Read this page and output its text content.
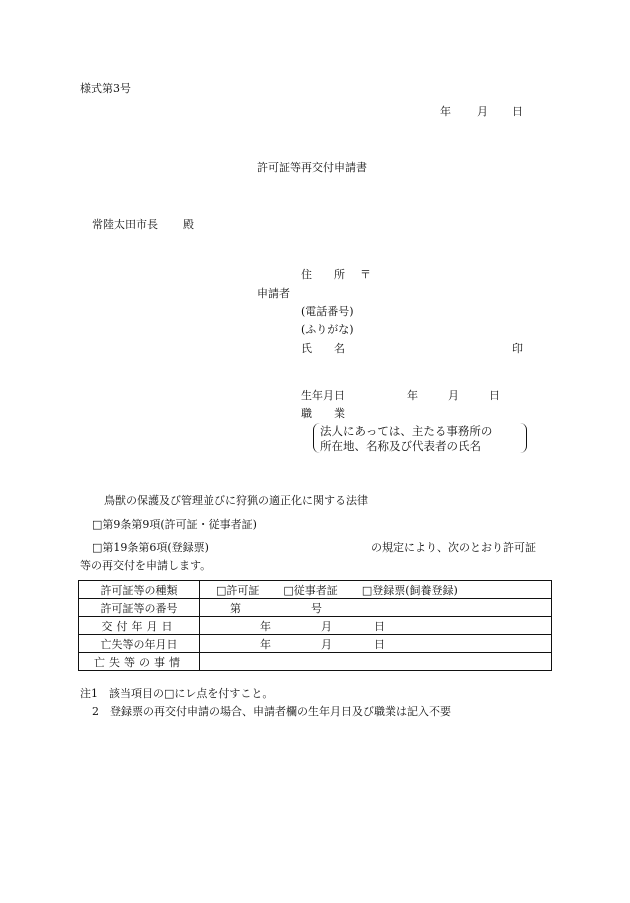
様式第3号
年 月 日
許可証等再交付申請書
常陸太田市長 殿
住　　所 〒
申請者
(電話番号)
(ふりがな)
氏　　名	印
生年月日	年	月	日
職　　業
法人にあっては、主たる事務所の
所在地、名称及び代表者の氏名
鳥獣の保護及び管理並びに狩猟の適正化に関する法律
□第9条第9項(許可証・従事者証)
□第19条第6項(登録票)	の規定により、次のとおり許可証
等の再交付を申請します。
許可証等の種類	□許可証 □従事者証 □登録票(飼養登録)

許可証等の番号	第 号

交付年月日	年 月 日

亡失等の年月日	年 月 日

亡失等の事情	
注1　該当項目の□にレ点を付すこと。
2　登録票の再交付申請の場合、申請者欄の生年月日及び職業は記入不要
